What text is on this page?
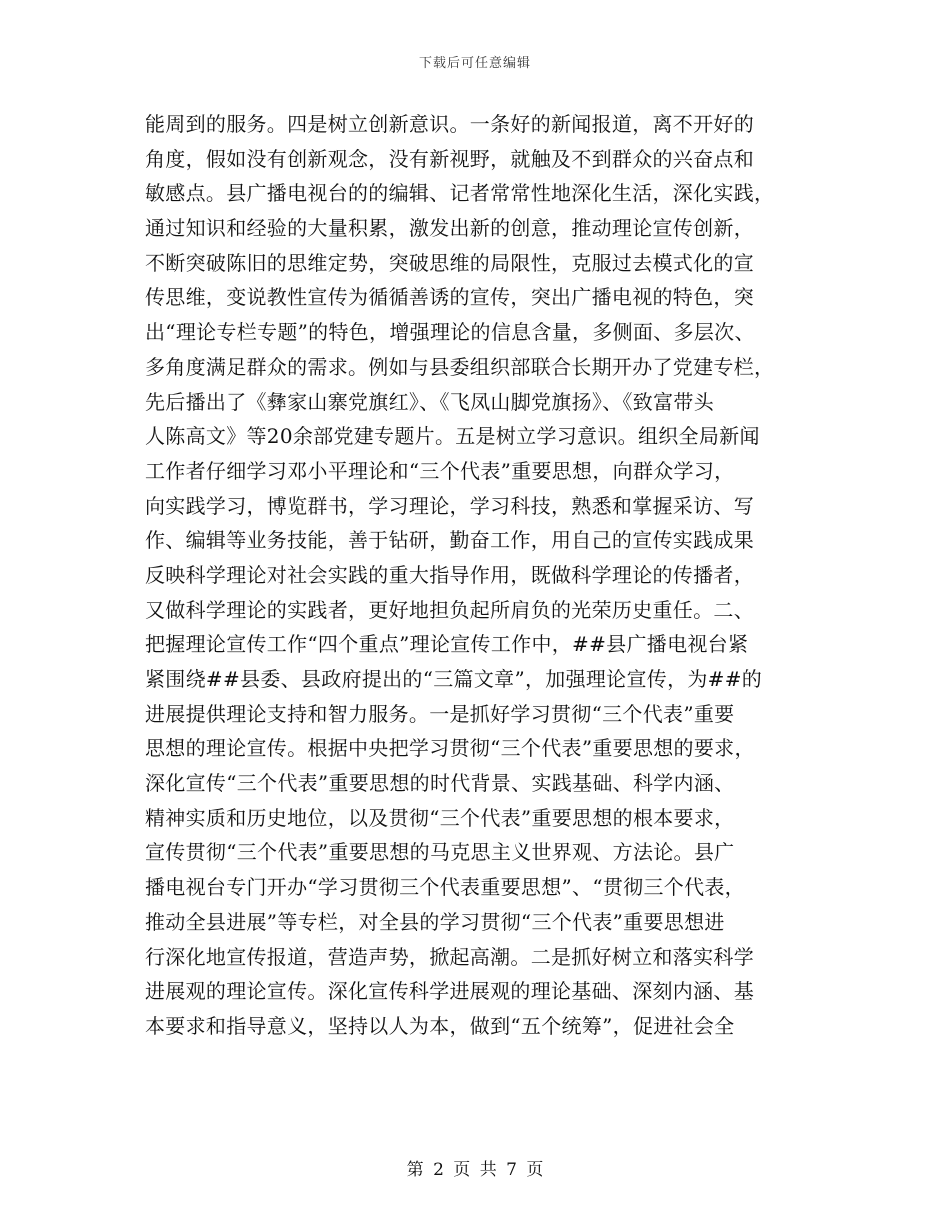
下载后可任意编辑
能周到的服务。四是树立创新意识。一条好的新闻报道，离不开好的
角度，假如没有创新观念，没有新视野，就触及不到群众的兴奋点和
敏感点。县广播电视台的的编辑、记者常常性地深化生活，深化实践，
通过知识和经验的大量积累，激发出新的创意，推动理论宣传创新，
不断突破陈旧的思维定势，突破思维的局限性，克服过去模式化的宣
传思维，变说教性宣传为循循善诱的宣传，突出广播电视的特色，突
出“理论专栏专题”的特色，增强理论的信息含量，多侧面、多层次、
多角度满足群众的需求。例如与县委组织部联合长期开办了党建专栏，
先后播出了《彝家山寨党旗红》、《飞凤山脚党旗扬》、《致富带头
人陈高文》等20余部党建专题片。五是树立学习意识。组织全局新闻
工作者仔细学习邓小平理论和“三个代表”重要思想，向群众学习，
向实践学习，博览群书，学习理论，学习科技，熟悉和掌握采访、写
作、编辑等业务技能，善于钻研，勤奋工作，用自己的宣传实践成果
反映科学理论对社会实践的重大指导作用，既做科学理论的传播者，
又做科学理论的实践者，更好地担负起所肩负的光荣历史重任。二、
把握理论宣传工作“四个重点”理论宣传工作中，##县广播电视台紧
紧围绕##县委、县政府提出的“三篇文章”，加强理论宣传，为##的
进展提供理论支持和智力服务。一是抓好学习贯彻“三个代表”重要
思想的理论宣传。根据中央把学习贯彻“三个代表”重要思想的要求，
深化宣传“三个代表”重要思想的时代背景、实践基础、科学内涵、
精神实质和历史地位，以及贯彻“三个代表”重要思想的根本要求，
宣传贯彻“三个代表”重要思想的马克思主义世界观、方法论。县广
播电视台专门开办“学习贯彻三个代表重要思想”、“贯彻三个代表，
推动全县进展”等专栏，对全县的学习贯彻“三个代表”重要思想进
行深化地宣传报道，营造声势，掀起高潮。二是抓好树立和落实科学
进展观的理论宣传。深化宣传科学进展观的理论基础、深刻内涵、基
本要求和指导意义，坚持以人为本，做到“五个统筹”，促进社会全
第 2 页 共 7 页
